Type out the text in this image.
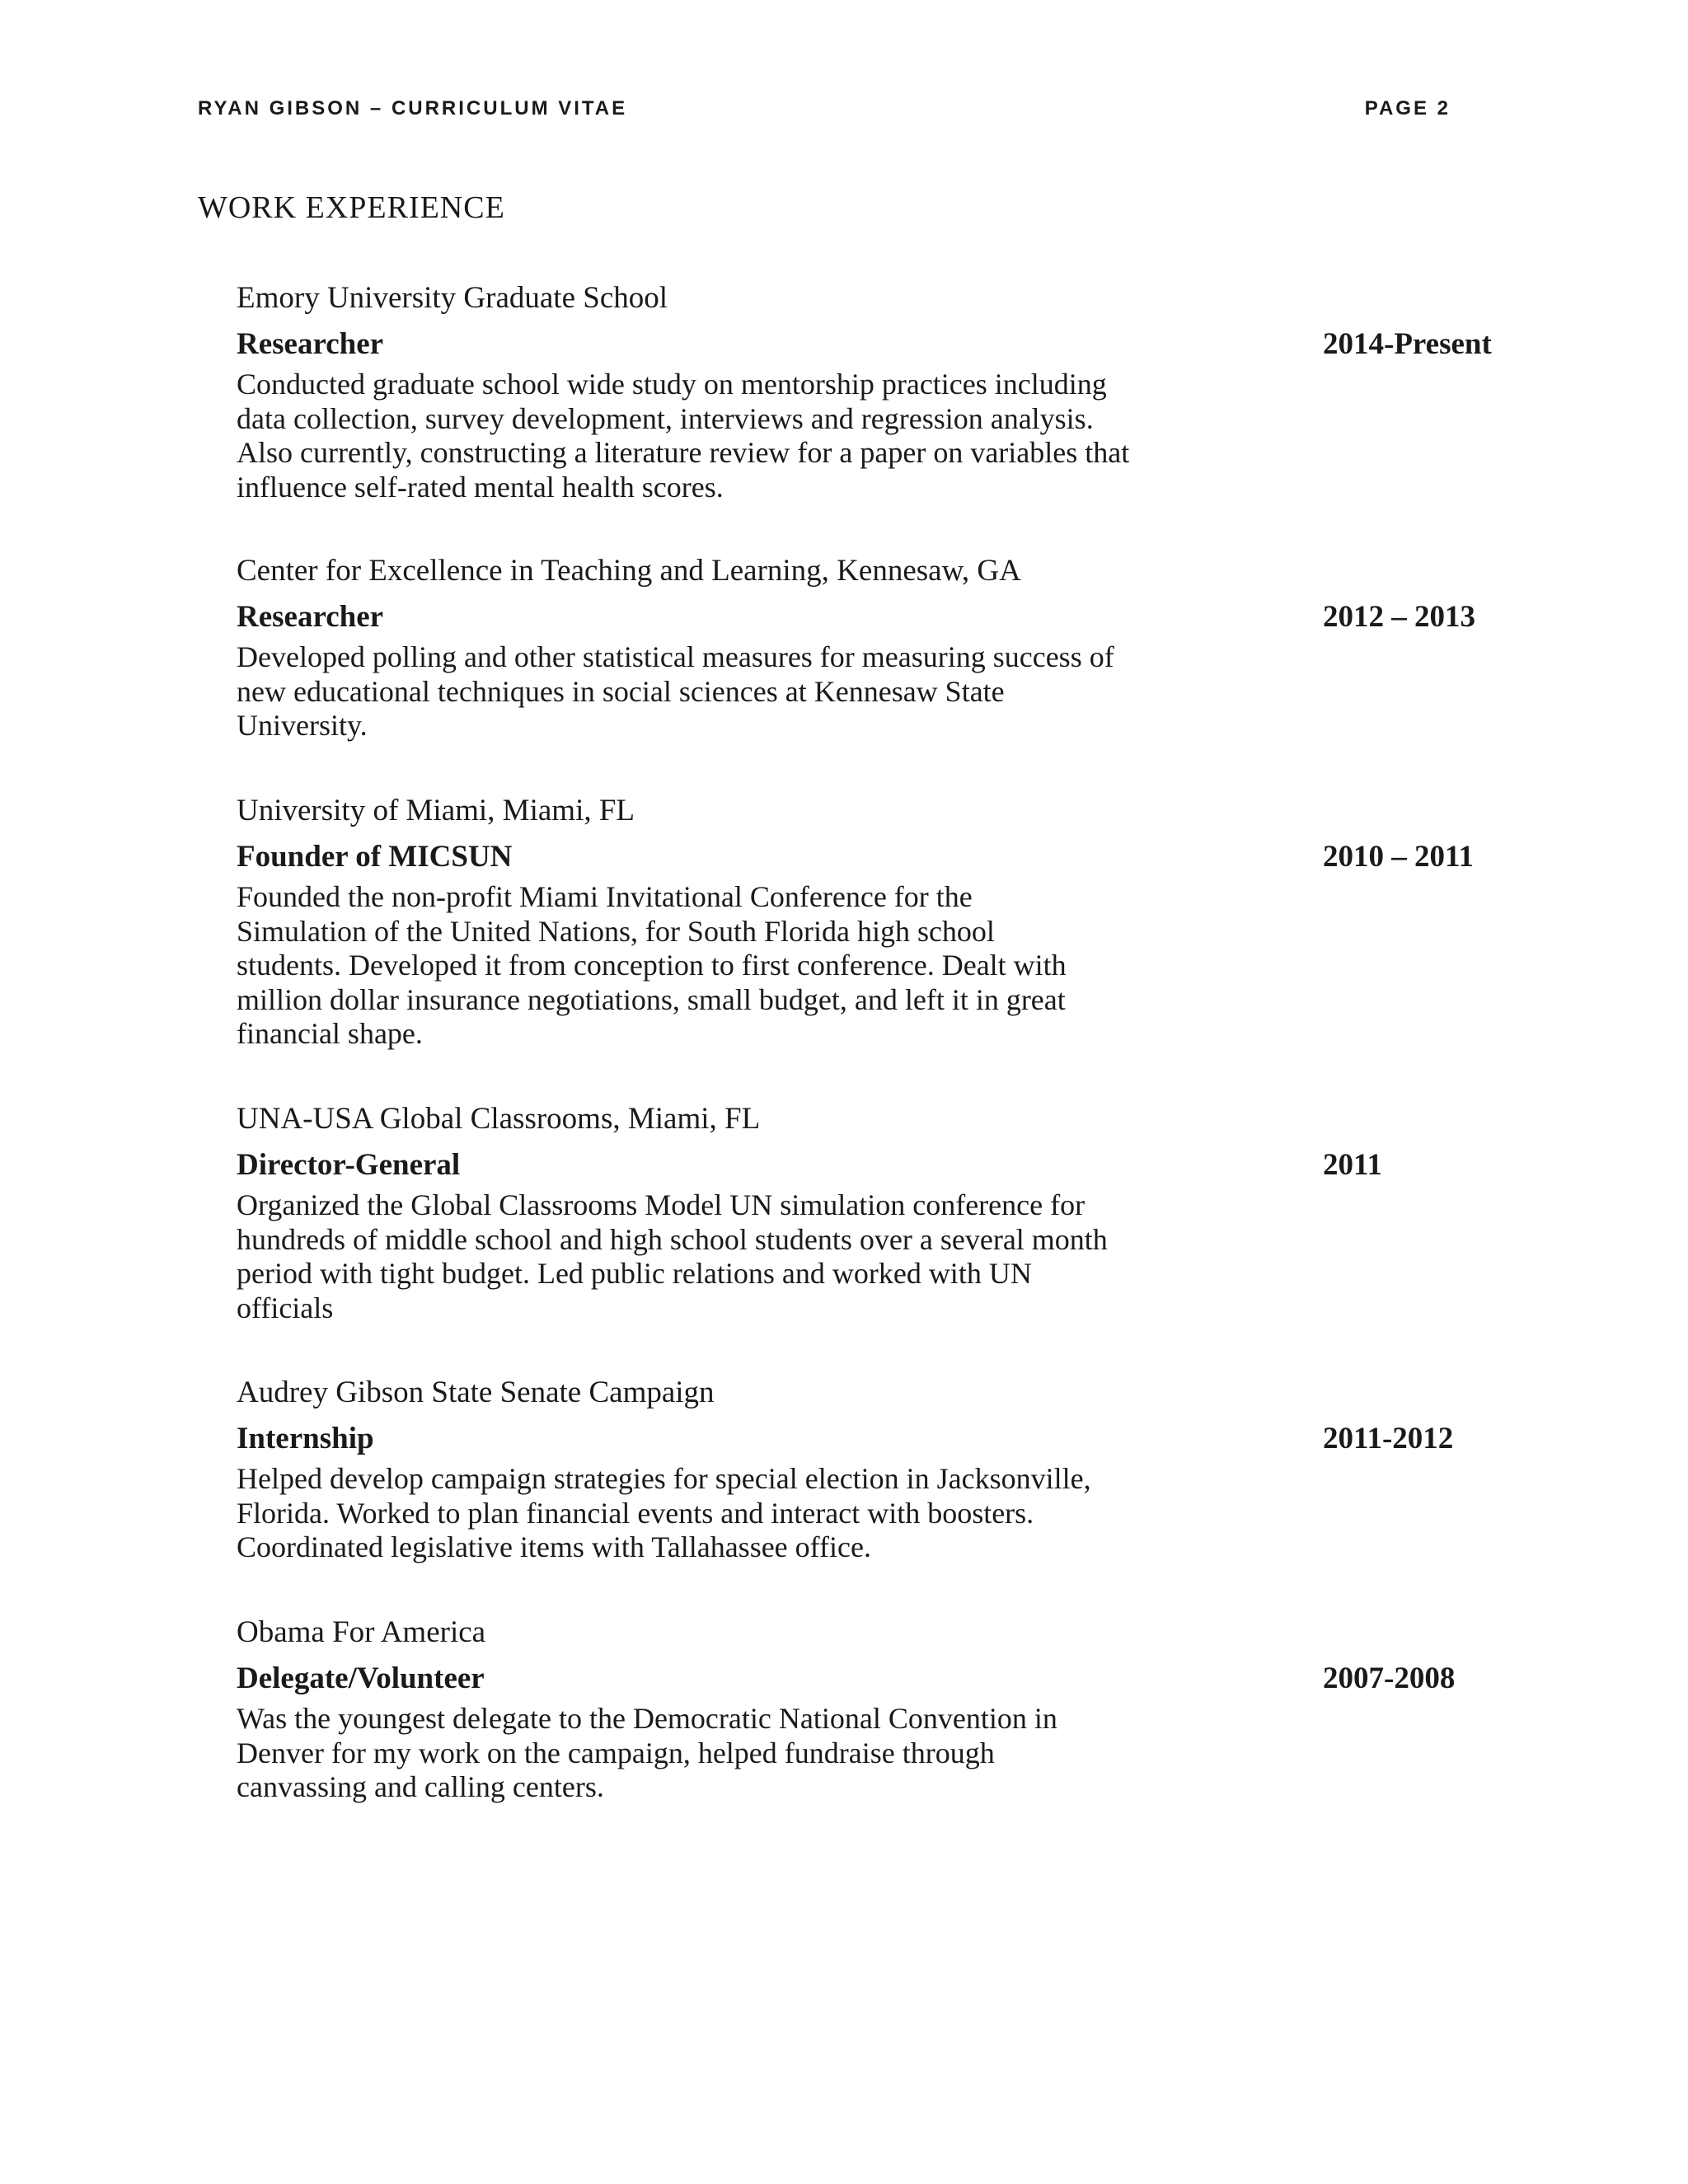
RYAN GIBSON – CURRICULUM VITAE	PAGE 2
WORK EXPERIENCE
Emory University Graduate School
Researcher	2014-Present
Conducted graduate school wide study on mentorship practices including
data collection, survey development, interviews and regression analysis.
Also currently, constructing a literature review for a paper on variables that
influence self-rated mental health scores.
Center for Excellence in Teaching and Learning, Kennesaw, GA
Researcher	2012 – 2013
Developed polling and other statistical measures for measuring success of
new educational techniques in social sciences at Kennesaw State
University.
University of Miami, Miami, FL
Founder of MICSUN	2010 – 2011
Founded the non-profit Miami Invitational Conference for the
Simulation of the United Nations, for South Florida high school
students. Developed it from conception to first conference. Dealt with
million dollar insurance negotiations, small budget, and left it in great
financial shape.
UNA-USA Global Classrooms, Miami, FL
Director-General	2011
Organized the Global Classrooms Model UN simulation conference for
hundreds of middle school and high school students over a several month
period with tight budget. Led public relations and worked with UN
officials
Audrey Gibson State Senate Campaign
Internship	2011-2012
Helped develop campaign strategies for special election in Jacksonville,
Florida. Worked to plan financial events and interact with boosters.
Coordinated legislative items with Tallahassee office.
Obama For America
Delegate/Volunteer	2007-2008
Was the youngest delegate to the Democratic National Convention in
Denver for my work on the campaign, helped fundraise through
canvassing and calling centers.
